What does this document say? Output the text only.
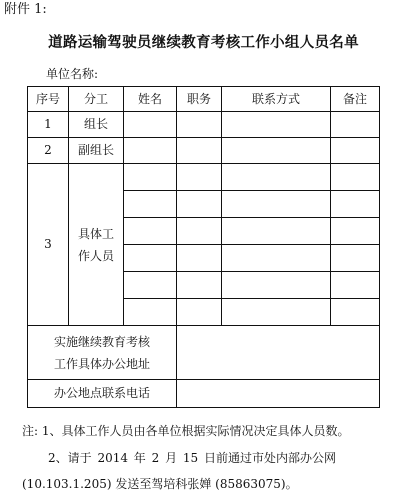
附件 1:
道路运输驾驶员继续教育考核工作小组人员名单
单位名称:
序号	分工	姓名	职务	联系方式	备注
1	组长				
2	副组长				
3	具体工
作人员				

实施继续教育考核
工作具体办公地址					

办公地点联系电话					
注: 1、具体工作人员由各单位根据实际情况决定具体人员数。
2、请于 2014 年 2 月 15 日前通过市处内部办公网
(10.103.1.205) 发送至驾培科张婵 (85863075)。
